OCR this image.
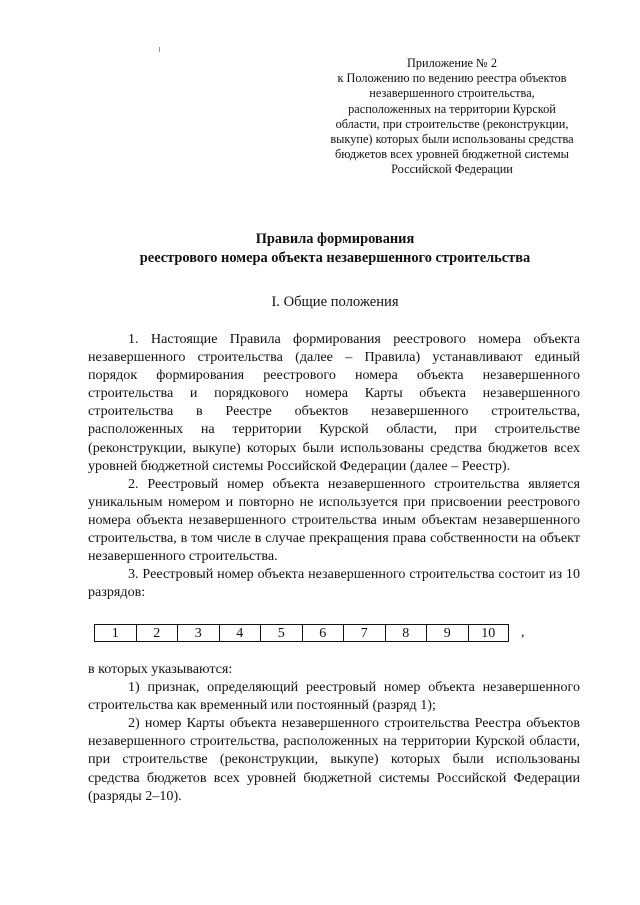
Приложение № 2
к Положению по ведению реестра объектов
незавершенного строительства,
расположенных на территории Курской
области, при строительстве (реконструкции,
выкупе) которых были использованы средства
бюджетов всех уровней бюджетной системы
Российской Федерации
Правила формирования
реестрового номера объекта незавершенного строительства
I. Общие положения

1. Настоящие Правила формирования реестрового номера объекта незавершенного строительства (далее – Правила) устанавливают единый порядок формирования реестрового номера объекта незавершенного строительства и порядкового номера Карты объекта незавершенного строительства в Реестре объектов незавершенного строительства, расположенных на территории Курской области, при строительстве (реконструкции, выкупе) которых были использованы средства бюджетов всех уровней бюджетной системы Российской Федерации (далее – Реестр).

2. Реестровый номер объекта незавершенного строительства является уникальным номером и повторно не используется при присвоении реестрового номера объекта незавершенного строительства иным объектам незавершенного строительства, в том числе в случае прекращения права собственности на объект незавершенного строительства.

3. Реестровый номер объекта незавершенного строительства состоит из 10 разрядов:

1	2	3	4	5	6	7	8	9	10	,

в которых указываются:

1) признак, определяющий реестровый номер объекта незавершенного строительства как временный или постоянный (разряд 1);

2) номер Карты объекта незавершенного строительства Реестра объектов незавершенного строительства, расположенных на территории Курской области, при строительстве (реконструкции, выкупе) которых были использованы средства бюджетов всех уровней бюджетной системы Российской Федерации (разряды 2–10).
